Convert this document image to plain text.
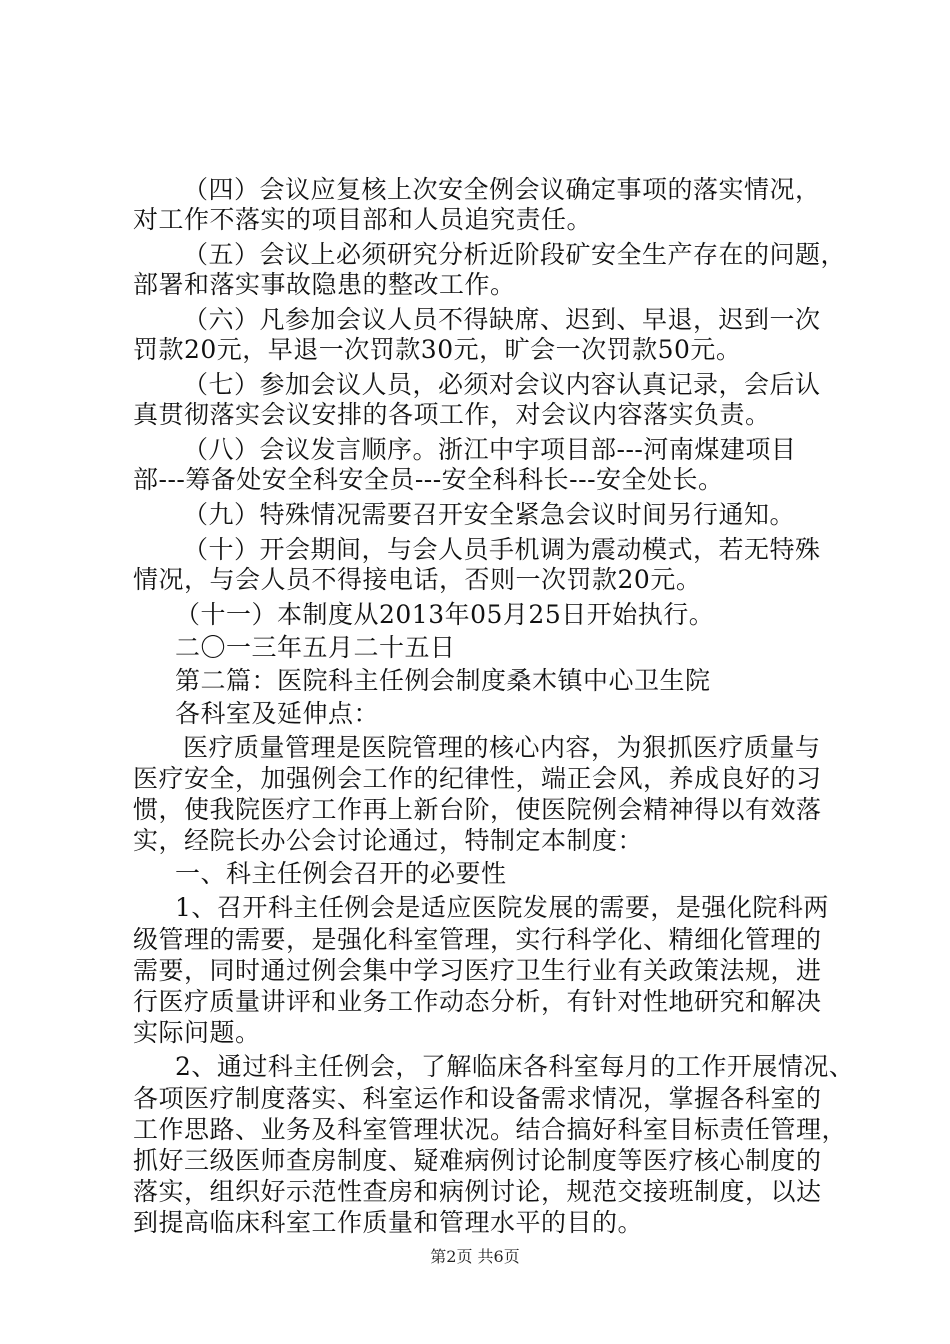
（四）会议应复核上次安全例会议确定事项的落实情况，
对工作不落实的项目部和人员追究责任。
（五）会议上必须研究分析近阶段矿安全生产存在的问题，
部署和落实事故隐患的整改工作。
（六）凡参加会议人员不得缺席、迟到、早退，迟到一次
罚款20元，早退一次罚款30元，旷会一次罚款50元。
（七）参加会议人员，必须对会议内容认真记录，会后认
真贯彻落实会议安排的各项工作，对会议内容落实负责。
（八）会议发言顺序。浙江中宇项目部---河南煤建项目
部---筹备处安全科安全员---安全科科长---安全处长。
（九）特殊情况需要召开安全紧急会议时间另行通知。
（十）开会期间，与会人员手机调为震动模式，若无特殊
情况，与会人员不得接电话，否则一次罚款20元。
（十一）本制度从2013年05月25日开始执行。
二〇一三年五月二十五日
第二篇：医院科主任例会制度桑木镇中心卫生院
各科室及延伸点：
医疗质量管理是医院管理的核心内容，为狠抓医疗质量与
医疗安全，加强例会工作的纪律性，端正会风，养成良好的习
惯，使我院医疗工作再上新台阶，使医院例会精神得以有效落
实，经院长办公会讨论通过，特制定本制度：
一、科主任例会召开的必要性
1、召开科主任例会是适应医院发展的需要，是强化院科两
级管理的需要，是强化科室管理，实行科学化、精细化管理的
需要，同时通过例会集中学习医疗卫生行业有关政策法规，进
行医疗质量讲评和业务工作动态分析，有针对性地研究和解决
实际问题。
2、通过科主任例会，了解临床各科室每月的工作开展情况、
各项医疗制度落实、科室运作和设备需求情况，掌握各科室的
工作思路、业务及科室管理状况。结合搞好科室目标责任管理，
抓好三级医师查房制度、疑难病例讨论制度等医疗核心制度的
落实，组织好示范性查房和病例讨论，规范交接班制度，以达
到提高临床科室工作质量和管理水平的目的。
第2页 共6页
